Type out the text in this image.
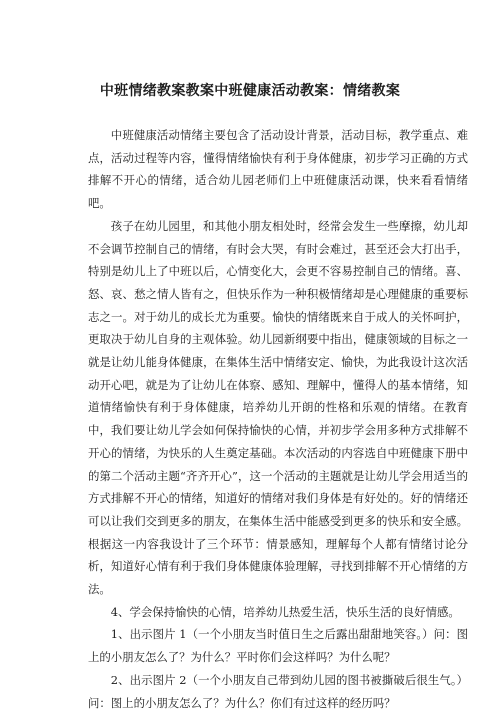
中班情绪教案教案中班健康活动教案：情绪教案

中班健康活动情绪主要包含了活动设计背景，活动目标，教学重点、难点，活动过程等内容，懂得情绪愉快有利于身体健康，初步学习正确的方式排解不开心的情绪，适合幼儿园老师们上中班健康活动课，快来看看情绪吧。

孩子在幼儿园里，和其他小朋友相处时，经常会发生一些摩擦，幼儿却不会调节控制自己的情绪，有时会大哭，有时会难过，甚至还会大打出手，特别是幼儿上了中班以后，心情变化大，会更不容易控制自己的情绪。喜、怒、哀、愁之情人皆有之，但快乐作为一种积极情绪却是心理健康的重要标志之一。对于幼儿的成长尤为重要。愉快的情绪既来自于成人的关怀呵护，更取决于幼儿自身的主观体验。幼儿园新纲要中指出，健康领域的目标之一就是让幼儿能身体健康，在集体生活中情绪安定、愉快，为此我设计这次活动开心吧，就是为了让幼儿在体察、感知、理解中，懂得人的基本情绪，知道情绪愉快有利于身体健康，培养幼儿开朗的性格和乐观的情绪。在教育中，我们要让幼儿学会如何保持愉快的心情，并初步学会用多种方式排解不开心的情绪，为快乐的人生奠定基础。本次活动的内容选自中班健康下册中的第二个活动主题“齐齐开心”，这一个活动的主题就是让幼儿学会用适当的方式排解不开心的情绪，知道好的情绪对我们身体是有好处的。好的情绪还可以让我们交到更多的朋友，在集体生活中能感受到更多的快乐和安全感。根据这一内容我设计了三个环节：情景感知，理解每个人都有情绪讨论分析，知道好心情有利于我们身体健康体验理解，寻找到排解不开心情绪的方法。

4、学会保持愉快的心情，培养幼儿热爱生活，快乐生活的良好情感。

1、出示图片 1（一个小朋友当时值日生之后露出甜甜地笑容。）问：图上的小朋友怎么了？为什么？平时你们会这样吗？为什么呢？

2、出示图片 2（一个小朋友自己带到幼儿园的图书被撕破后很生气。）问：图上的小朋友怎么了？为什么？你们有过这样的经历吗？
